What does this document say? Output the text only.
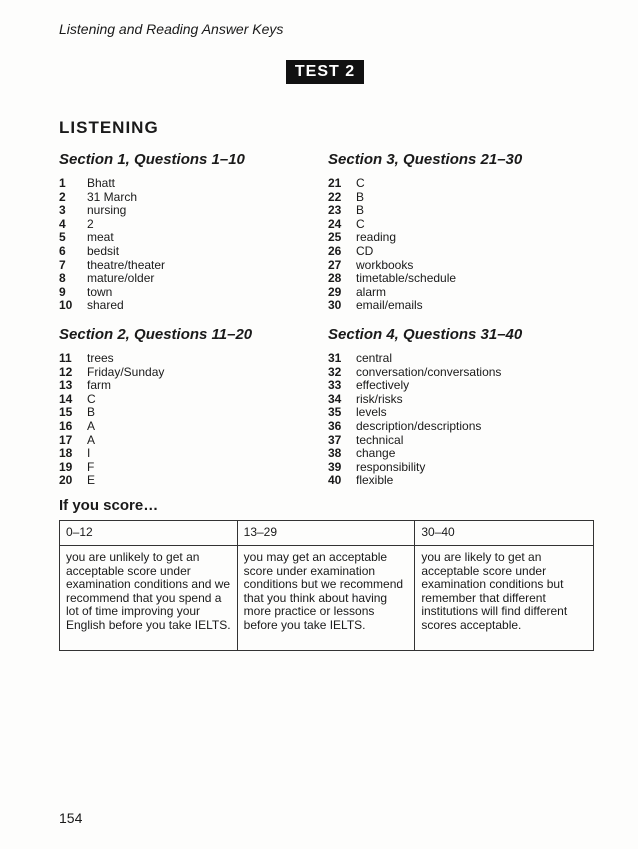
Listening and Reading Answer Keys
TEST 2
LISTENING
Section 1, Questions 1–10
1	Bhatt
2	31 March
3	nursing
4	2
5	meat
6	bedsit
7	theatre/theater
8	mature/older
9	town
10	shared
Section 2, Questions 11–20
11	trees
12	Friday/Sunday
13	farm
14	C
15	B
16	A
17	A
18	I
19	F
20	E
Section 3, Questions 21–30
21	C
22	B
23	B
24	C
25	reading
26	CD
27	workbooks
28	timetable/schedule
29	alarm
30	email/emails
Section 4, Questions 31–40
31	central
32	conversation/conversations
33	effectively
34	risk/risks
35	levels
36	description/descriptions
37	technical
38	change
39	responsibility
40	flexible
If you score…
0–12	13–29	30–40
you are unlikely to get an acceptable score under examination conditions and we recommend that you spend a lot of time improving your English before you take IELTS.	you may get an acceptable score under examination conditions but we recommend that you think about having more practice or lessons before you take IELTS.	you are likely to get an acceptable score under examination conditions but remember that different institutions will find different scores acceptable.
154
